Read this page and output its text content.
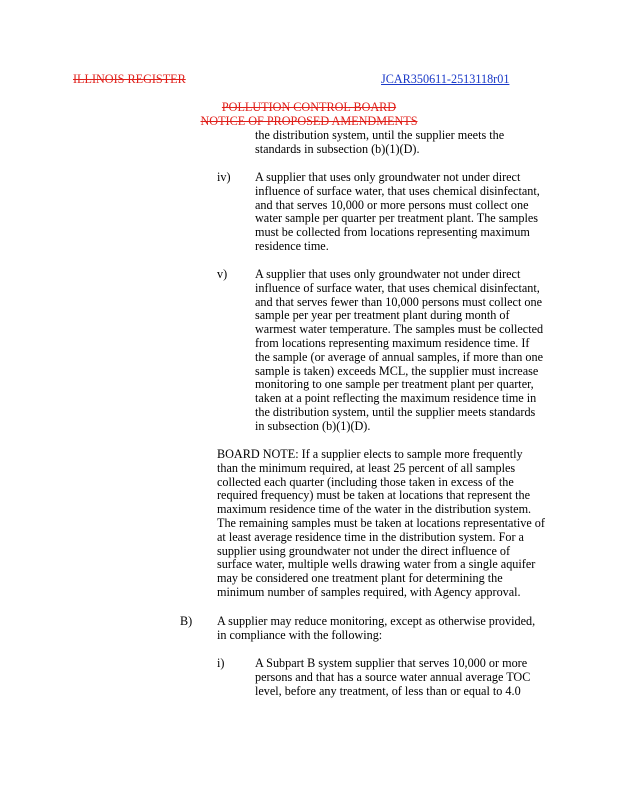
ILLINOIS REGISTER	JCAR350611-2513118r01
POLLUTION CONTROL BOARD
NOTICE OF PROPOSED AMENDMENTS
the distribution system, until the supplier meets the
standards in subsection (b)(1)(D).
iv) A supplier that uses only groundwater not under direct
influence of surface water, that uses chemical disinfectant,
and that serves 10,000 or more persons must collect one
water sample per quarter per treatment plant. The samples
must be collected from locations representing maximum
residence time.
v) A supplier that uses only groundwater not under direct
influence of surface water, that uses chemical disinfectant,
and that serves fewer than 10,000 persons must collect one
sample per year per treatment plant during month of
warmest water temperature. The samples must be collected
from locations representing maximum residence time. If
the sample (or average of annual samples, if more than one
sample is taken) exceeds MCL, the supplier must increase
monitoring to one sample per treatment plant per quarter,
taken at a point reflecting the maximum residence time in
the distribution system, until the supplier meets standards
in subsection (b)(1)(D).
BOARD NOTE: If a supplier elects to sample more frequently
than the minimum required, at least 25 percent of all samples
collected each quarter (including those taken in excess of the
required frequency) must be taken at locations that represent the
maximum residence time of the water in the distribution system.
The remaining samples must be taken at locations representative of
at least average residence time in the distribution system. For a
supplier using groundwater not under the direct influence of
surface water, multiple wells drawing water from a single aquifer
may be considered one treatment plant for determining the
minimum number of samples required, with Agency approval.
B) A supplier may reduce monitoring, except as otherwise provided,
in compliance with the following:
i)	A Subpart B system supplier that serves 10,000 or more
persons and that has a source water annual average TOC
level, before any treatment, of less than or equal to 4.0
